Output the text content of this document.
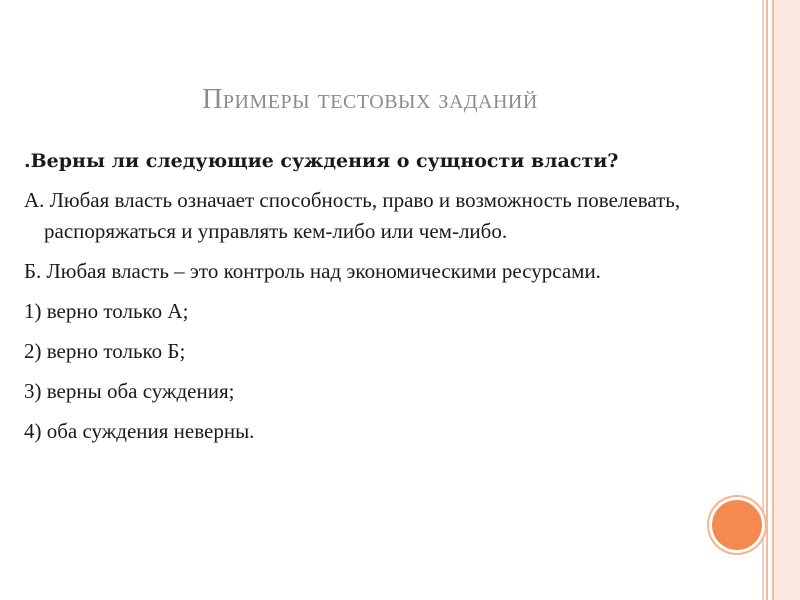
Примеры тестовых заданий

.Верны ли следующие суждения о сущности власти?

А. Любая власть означает способность, право и возможность повелевать, распоряжаться и управлять кем-либо или чем-либо.

Б. Любая власть – это контроль над экономическими ресурсами.

1) верно только А;

2) верно только Б;

3) верны оба суждения;

4) оба суждения неверны.
